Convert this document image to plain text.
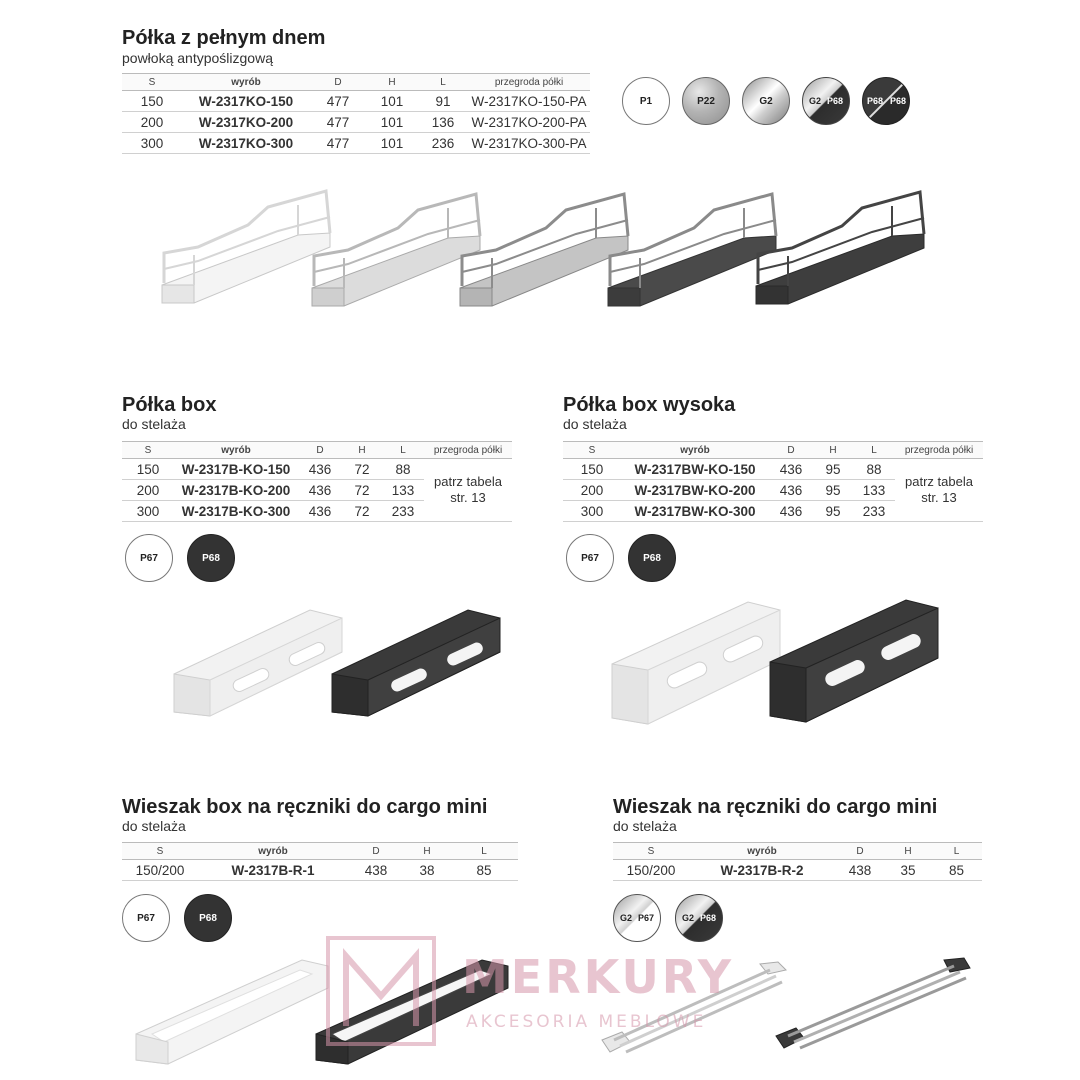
Półka z pełnym dnem
powłoką antypoślizgową
S	wyrób	D	H	L	przegroda półki
150	W-2317KO-150	477	101	91	W-2317KO-150-PA
200	W-2317KO-200	477	101	136	W-2317KO-200-PA
300	W-2317KO-300	477	101	236	W-2317KO-300-PA
P1	P22	G2	G2 P68	P68 P68
Półka box
do stelaża
S	wyrób	D	H	L	przegroda półki
150	W-2317B-KO-150	436	72	88	patrz tabela str. 13
200	W-2317B-KO-200	436	72	133	
300	W-2317B-KO-300	436	72	233	
P67	P68
Półka box wysoka
do stelaża
S	wyrób	D	H	L	przegroda półki
150	W-2317BW-KO-150	436	95	88	patrz tabela str. 13
200	W-2317BW-KO-200	436	95	133	
300	W-2317BW-KO-300	436	95	233	
P67	P68
Wieszak box na ręczniki do cargo mini
do stelaża
S	wyrób	D	H	L
150/200	W-2317B-R-1	438	38	85
P67	P68
Wieszak na ręczniki do cargo mini
do stelaża
S	wyrób	D	H	L
150/200	W-2317B-R-2	438	35	85
G2 P67	G2 P68
MERKURY
AKCESORIA MEBLOWE
